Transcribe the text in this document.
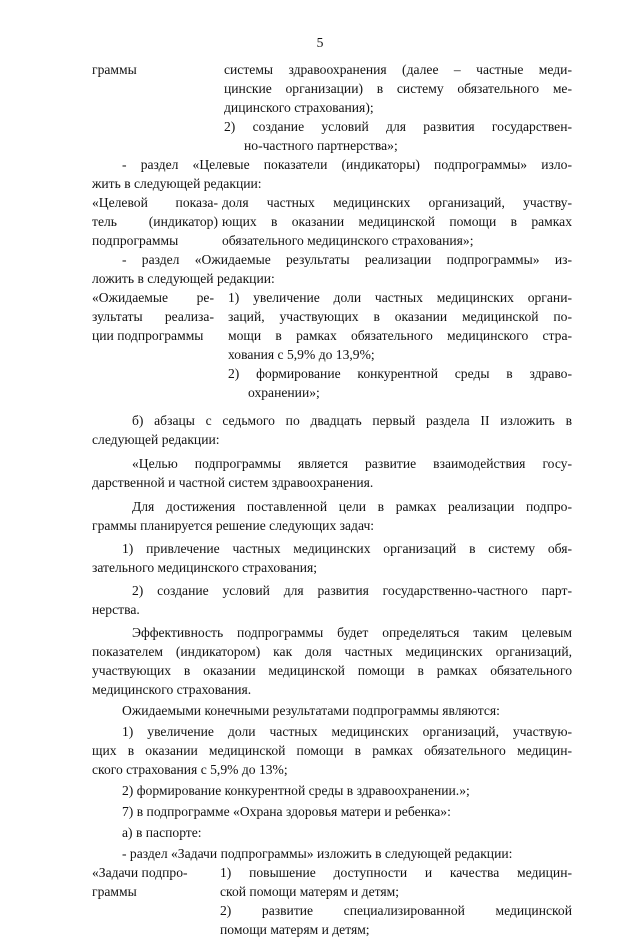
5
граммы	системы здравоохранения (далее – частные меди-
цинские организации) в систему обязательного ме-
дицинского страхования);
2) создание условий для развития государствен-
но-частного партнерства»;
- раздел «Целевые показатели (индикаторы) подпрограммы» изло-
жить в следующей редакции:
«Целевой показа-
тель (индикатор)
подпрограммы
доля частных медицинских организаций, участву-
ющих в оказании медицинской помощи в рамках
обязательного медицинского страхования»;
- раздел «Ожидаемые результаты реализации подпрограммы» из-
ложить в следующей редакции:
«Ожидаемые ре-
зультаты реализа-
ции подпрограммы
1) увеличение доли частных медицинских органи-
заций, участвующих в оказании медицинской по-
мощи в рамках обязательного медицинского стра-
хования с 5,9% до 13,9%;
2) формирование конкурентной среды в здраво-
охранении»;
б) абзацы с седьмого по двадцать первый раздела II изложить в
следующей редакции:
«Целью подпрограммы является развитие взаимодействия госу-
дарственной и частной систем здравоохранения.
Для достижения поставленной цели в рамках реализации подпро-
граммы планируется решение следующих задач:
1) привлечение частных медицинских организаций в систему обя-
зательного медицинского страхования;
2) создание условий для развития государственно-частного парт-
нерства.
Эффективность подпрограммы будет определяться таким целевым
показателем (индикатором) как доля частных медицинских организаций,
участвующих в оказании медицинской помощи в рамках обязательного
медицинского страхования.
Ожидаемыми конечными результатами подпрограммы являются:
1) увеличение доли частных медицинских организаций, участвую-
щих в оказании медицинской помощи в рамках обязательного медицин-
ского страхования с 5,9% до 13%;
2) формирование конкурентной среды в здравоохранении.»;
7) в подпрограмме «Охрана здоровья матери и ребенка»:
а) в паспорте:
- раздел «Задачи подпрограммы» изложить в следующей редакции:
«Задачи подпро-
граммы
1) повышение доступности и качества медицин-
ской помощи матерям и детям;
2) развитие специализированной медицинской
помощи матерям и детям;
